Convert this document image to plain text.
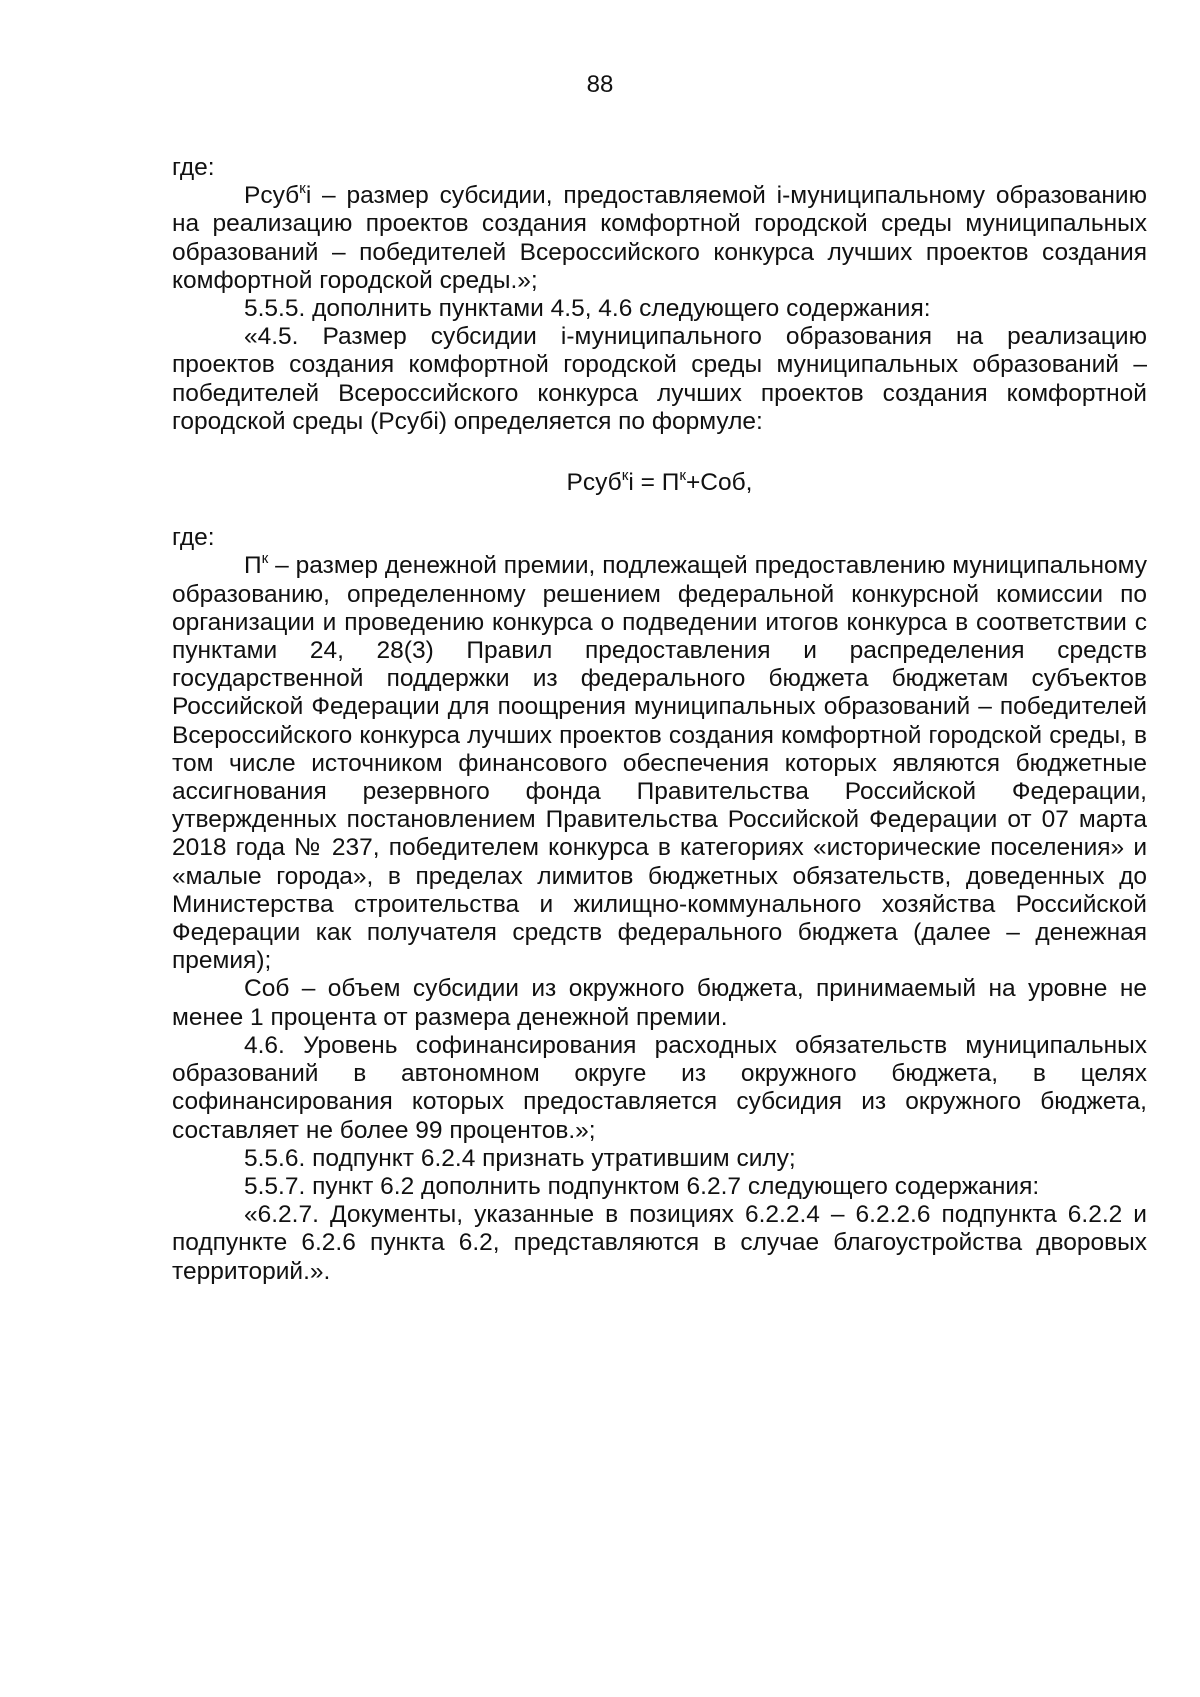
88

где:

Рсуб$^к$i – размер субсидии, предоставляемой i-муниципальному образованию на реализацию проектов создания комфортной городской среды муниципальных образований – победителей Всероссийского конкурса лучших проектов создания комфортной городской среды.»;

5.5.5. дополнить пунктами 4.5, 4.6 следующего содержания:

«4.5. Размер субсидии i-муниципального образования на реализацию проектов создания комфортной городской среды муниципальных образований – победителей Всероссийского конкурса лучших проектов создания комфортной городской среды (Рсубi) определяется по формуле:

Рсуб$^к$i = $П^к+Соб$,

где:

$П^к$ – размер денежной премии, подлежащей предоставлению муниципальному образованию, определенному решением федеральной конкурсной комиссии по организации и проведению конкурса о подведении итогов конкурса в соответствии с пунктами 24, 28(3) Правил предоставления и распределения средств государственной поддержки из федерального бюджета бюджетам субъектов Российской Федерации для поощрения муниципальных образований – победителей Всероссийского конкурса лучших проектов создания комфортной городской среды, в том числе источником финансового обеспечения которых являются бюджетные ассигнования резервного фонда Правительства Российской Федерации, утвержденных постановлением Правительства Российской Федерации от 07 марта 2018 года № 237, победителем конкурса в категориях «исторические поселения» и «малые города», в пределах лимитов бюджетных обязательств, доведенных до Министерства строительства и жилищно-коммунального хозяйства Российской Федерации как получателя средств федерального бюджета (далее – денежная премия);

Соб – объем субсидии из окружного бюджета, принимаемый на уровне не менее 1 процента от размера денежной премии.

4.6. Уровень софинансирования расходных обязательств муниципальных образований в автономном округе из окружного бюджета, в целях софинансирования которых предоставляется субсидия из окружного бюджета, составляет не более 99 процентов.»;

5.5.6. подпункт 6.2.4 признать утратившим силу;

5.5.7. пункт 6.2 дополнить подпунктом 6.2.7 следующего содержания:

«6.2.7. Документы, указанные в позициях 6.2.2.4 – 6.2.2.6 подпункта 6.2.2 и подпункте 6.2.6 пункта 6.2, представляются в случае благоустройства дворовых территорий.».
